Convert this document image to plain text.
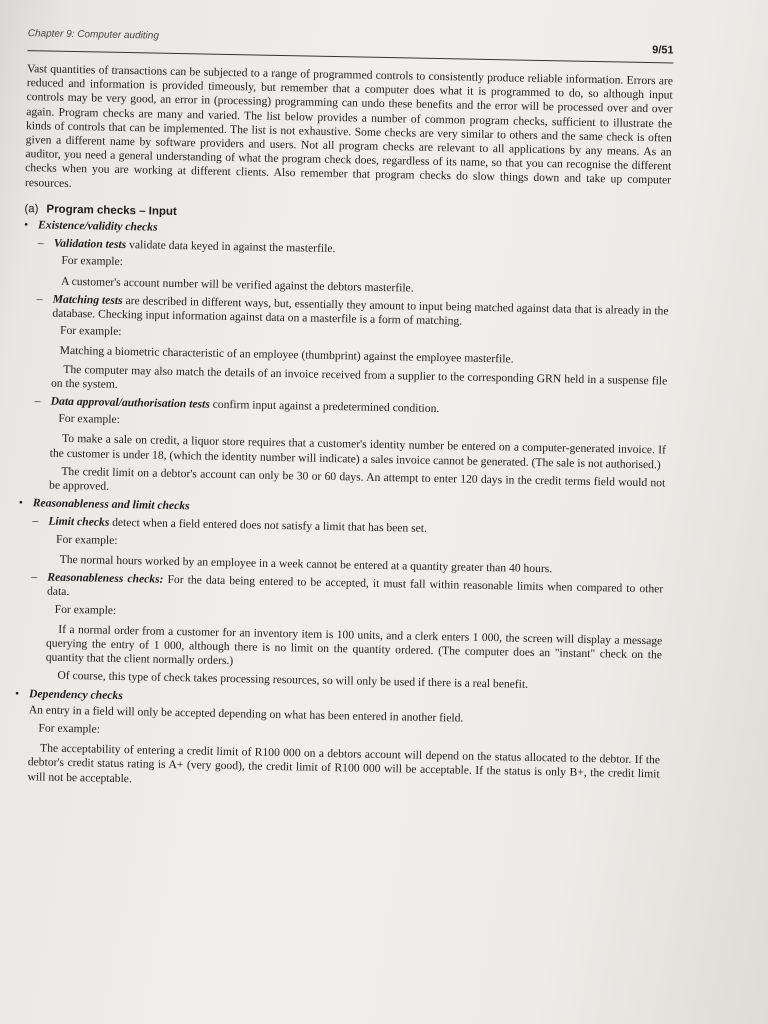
Chapter 9: Computer auditing
9/51

Vast quantities of transactions can be subjected to a range of programmed controls to consistently produce reliable information. Errors are reduced and information is provided timeously, but remember that a computer does what it is programmed to do, so although input controls may be very good, an error in (processing) programming can undo these benefits and the error will be processed over and over again. Program checks are many and varied. The list below provides a number of common program checks, sufficient to illustrate the kinds of controls that can be implemented. The list is not exhaustive. Some checks are very similar to others and the same check is often given a different name by software providers and users. Not all program checks are relevant to all applications by any means. As an auditor, you need a general understanding of what the program check does, regardless of its name, so that you can recognise the different checks when you are working at different clients. Also remember that program checks do slow things down and take up computer resources.

(a) Program checks – Input
• Existence/validity checks
– Validation tests validate data keyed in against the masterfile.
For example:
A customer's account number will be verified against the debtors masterfile.
– Matching tests are described in different ways, but, essentially they amount to input being matched against data that is already in the database. Checking input information against data on a masterfile is a form of matching.
For example:
Matching a biometric characteristic of an employee (thumbprint) against the employee masterfile.
The computer may also match the details of an invoice received from a supplier to the corresponding GRN held in a suspense file on the system.
– Data approval/authorisation tests confirm input against a predetermined condition.
For example:
To make a sale on credit, a liquor store requires that a customer's identity number be entered on a computer-generated invoice. If the customer is under 18, (which the identity number will indicate) a sales invoice cannot be generated. (The sale is not authorised.)
The credit limit on a debtor's account can only be 30 or 60 days. An attempt to enter 120 days in the credit terms field would not be approved.
• Reasonableness and limit checks
– Limit checks detect when a field entered does not satisfy a limit that has been set.
For example:
The normal hours worked by an employee in a week cannot be entered at a quantity greater than 40 hours.
– Reasonableness checks: For the data being entered to be accepted, it must fall within reasonable limits when compared to other data.
For example:
If a normal order from a customer for an inventory item is 100 units, and a clerk enters 1 000, the screen will display a message querying the entry of 1 000, although there is no limit on the quantity ordered. (The computer does an "instant" check on the quantity that the client normally orders.)
Of course, this type of check takes processing resources, so will only be used if there is a real benefit.
• Dependency checks
An entry in a field will only be accepted depending on what has been entered in another field.
For example:
The acceptability of entering a credit limit of R100 000 on a debtors account will depend on the status allocated to the debtor. If the debtor's credit status rating is A+ (very good), the credit limit of R100 000 will be acceptable. If the status is only B+, the credit limit will not be acceptable.
